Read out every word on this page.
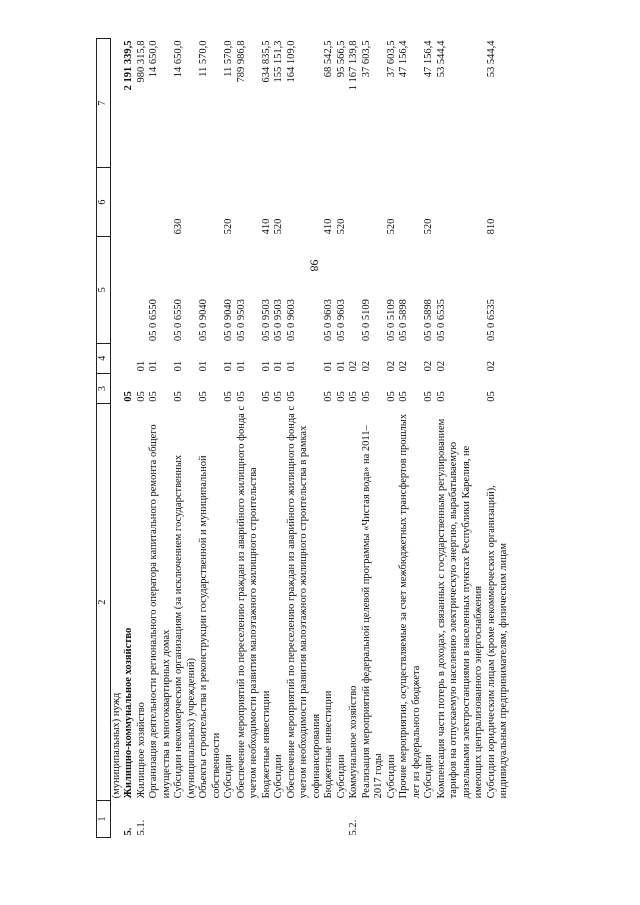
98
1	2	3	4	5	6	7
	(муниципальных) нужд					
5.	Жилищно-коммунальное хозяйство	05				2 191 339,5
5.1.	Жилищное хозяйство	05	01			980 315,8
	Организация деятельности регионального оператора капитального ремонта общего имущества в многоквартирных домах	05	01	05 0 6550		14 650,0
	Субсидии некоммерческим организациям (за исключением государственных (муниципальных) учреждений)	05	01	05 0 6550	630	14 650,0
	Объекты строительства и реконструкции государственной и муниципальной собственности	05	01	05 0 9040		11 570,0
	Субсидии	05	01	05 0 9040	520	11 570,0
	Обеспечение мероприятий по переселению граждан из аварийного жилищного фонда с учетом необходимости развития малоэтажного жилищного строительства	05	01	05 0 9503		789 986,8
	Бюджетные инвестиции	05	01	05 0 9503	410	634 835,5
	Субсидии	05	01	05 0 9503	520	155 151,3
	Обеспечение мероприятий по переселению граждан из аварийного жилищного фонда с учетом необходимости развития малоэтажного жилищного строительства в рамках софинансирования	05	01	05 0 9603		164 109,0
	Бюджетные инвестиции	05	01	05 0 9603	410	68 542,5
	Субсидии	05	01	05 0 9603	520	95 566,5
5.2.	Коммунальное хозяйство	05	02			1 167 139,8
	Реализация мероприятий федеральной целевой программы «Чистая вода» на 2011–2017 годы	05	02	05 0 5109		37 603,5
	Субсидии	05	02	05 0 5109	520	37 603,5
	Прочие мероприятия, осуществляемые за счет межбюджетных трансфертов прошлых лет из федерального бюджета	05	02	05 0 5898		47 156,4
	Субсидии	05	02	05 0 5898	520	47 156,4
	Компенсация части потерь в доходах, связанных с государственным регулированием тарифов на отпускаемую населению электрическую энергию, вырабатываемую дизельными электростанциями в населенных пунктах Республики Карелия, не имеющих централизованного энергоснабжения	05	02	05 0 6535		53 544,4
	Субсидии юридическим лицам (кроме некоммерческих организаций), индивидуальным предпринимателям, физическим лицам	05	02	05 0 6535	810	53 544,4
